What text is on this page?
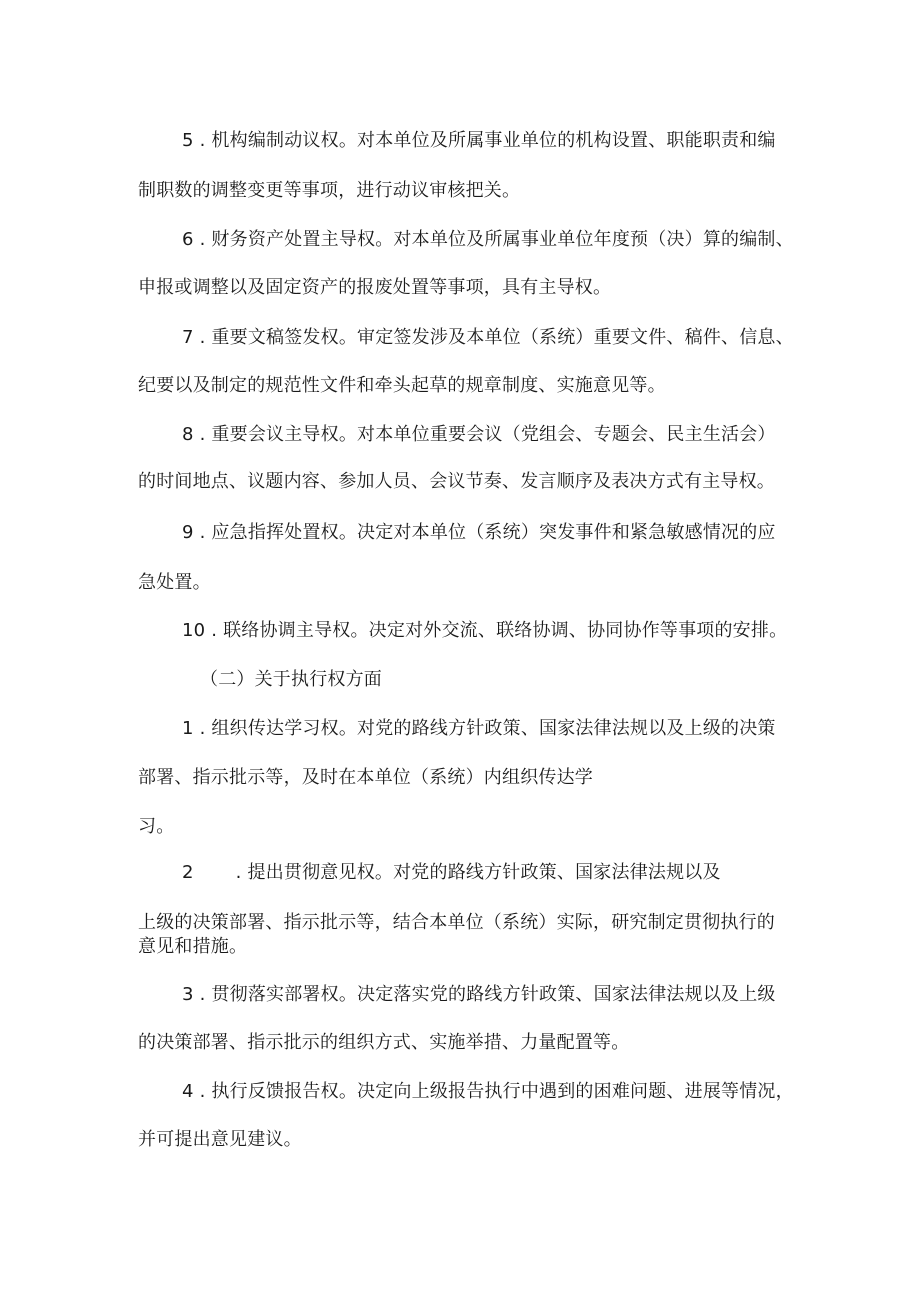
5 . 机构编制动议权。对本单位及所属事业单位的机构设置、职能职责和编
制职数的调整变更等事项，进行动议审核把关。
6 . 财务资产处置主导权。对本单位及所属事业单位年度预（决）算的编制、
申报或调整以及固定资产的报废处置等事项，具有主导权。
7 . 重要文稿签发权。审定签发涉及本单位（系统）重要文件、稿件、信息、
纪要以及制定的规范性文件和牵头起草的规章制度、实施意见等。
8 . 重要会议主导权。对本单位重要会议（党组会、专题会、民主生活会）
的时间地点、议题内容、参加人员、会议节奏、发言顺序及表决方式有主导权。
9 . 应急指挥处置权。决定对本单位（系统）突发事件和紧急敏感情况的应
急处置。
10 . 联络协调主导权。决定对外交流、联络协调、协同协作等事项的安排。
（二）关于执行权方面
1 . 组织传达学习权。对党的路线方针政策、国家法律法规以及上级的决策
部署、指示批示等，及时在本单位（系统）内组织传达学
习。
2 . 提出贯彻意见权。对党的路线方针政策、国家法律法规以及
上级的决策部署、指示批示等，结合本单位（系统）实际，研究制定贯彻执行的
意见和措施。
3 . 贯彻落实部署权。决定落实党的路线方针政策、国家法律法规以及上级
的决策部署、指示批示的组织方式、实施举措、力量配置等。
4 . 执行反馈报告权。决定向上级报告执行中遇到的困难问题、进展等情况，
并可提出意见建议。
